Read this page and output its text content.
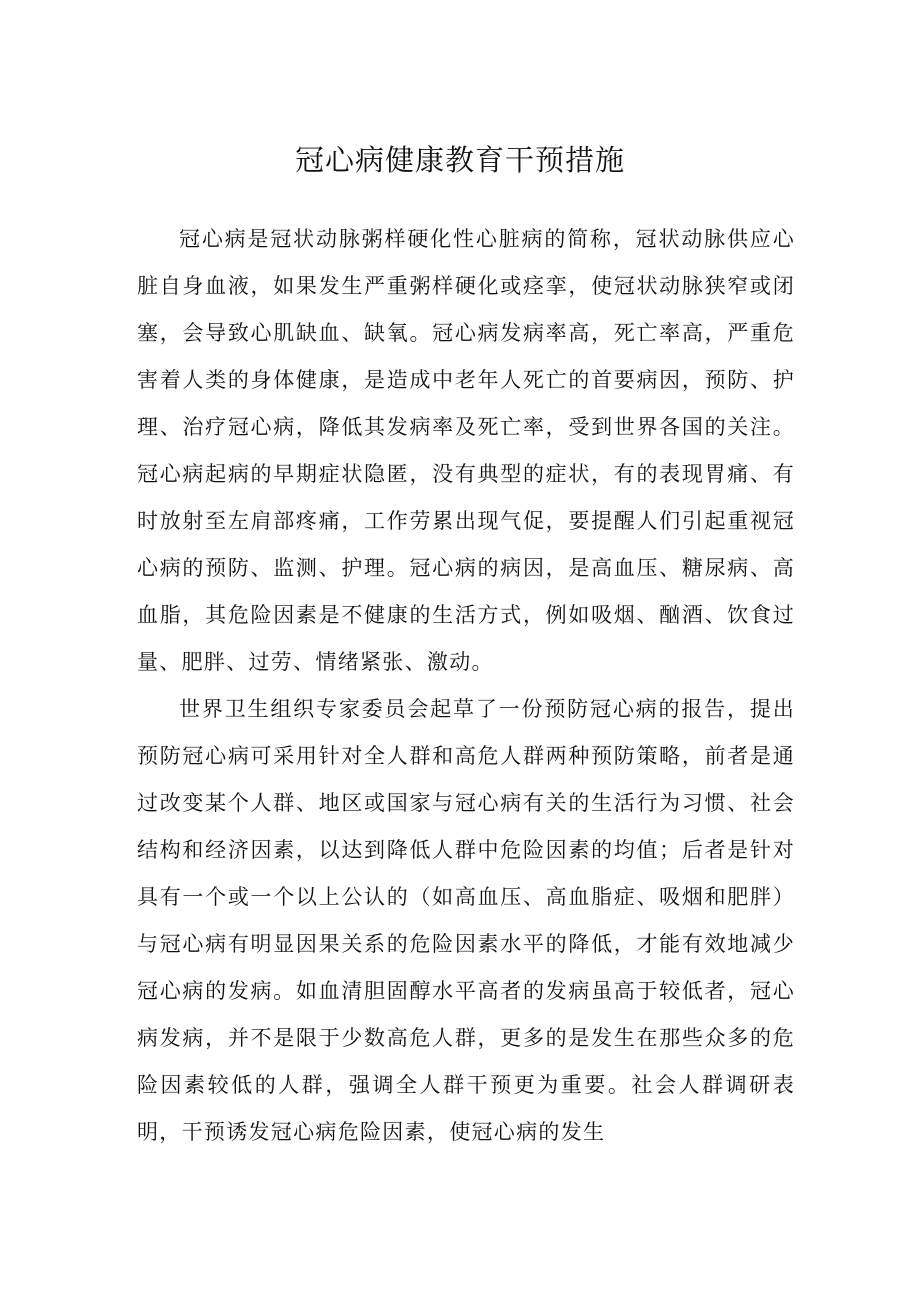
冠心病健康教育干预措施

冠心病是冠状动脉粥样硬化性心脏病的简称，冠状动脉供应心脏自身血液，如果发生严重粥样硬化或痉挛，使冠状动脉狭窄或闭塞，会导致心肌缺血、缺氧。冠心病发病率高，死亡率高，严重危害着人类的身体健康，是造成中老年人死亡的首要病因，预防、护理、治疗冠心病，降低其发病率及死亡率，受到世界各国的关注。冠心病起病的早期症状隐匿，没有典型的症状，有的表现胃痛、有时放射至左肩部疼痛，工作劳累出现气促，要提醒人们引起重视冠心病的预防、监测、护理。冠心病的病因，是高血压、糖尿病、高血脂，其危险因素是不健康的生活方式，例如吸烟、酗酒、饮食过量、肥胖、过劳、情绪紧张、激动。

世界卫生组织专家委员会起草了一份预防冠心病的报告，提出预防冠心病可采用针对全人群和高危人群两种预防策略，前者是通过改变某个人群、地区或国家与冠心病有关的生活行为习惯、社会结构和经济因素，以达到降低人群中危险因素的均值；后者是针对具有一个或一个以上公认的（如高血压、高血脂症、吸烟和肥胖）与冠心病有明显因果关系的危险因素水平的降低，才能有效地减少冠心病的发病。如血清胆固醇水平高者的发病虽高于较低者，冠心病发病，并不是限于少数高危人群，更多的是发生在那些众多的危险因素较低的人群，强调全人群干预更为重要。社会人群调研表明，干预诱发冠心病危险因素，使冠心病的发生
